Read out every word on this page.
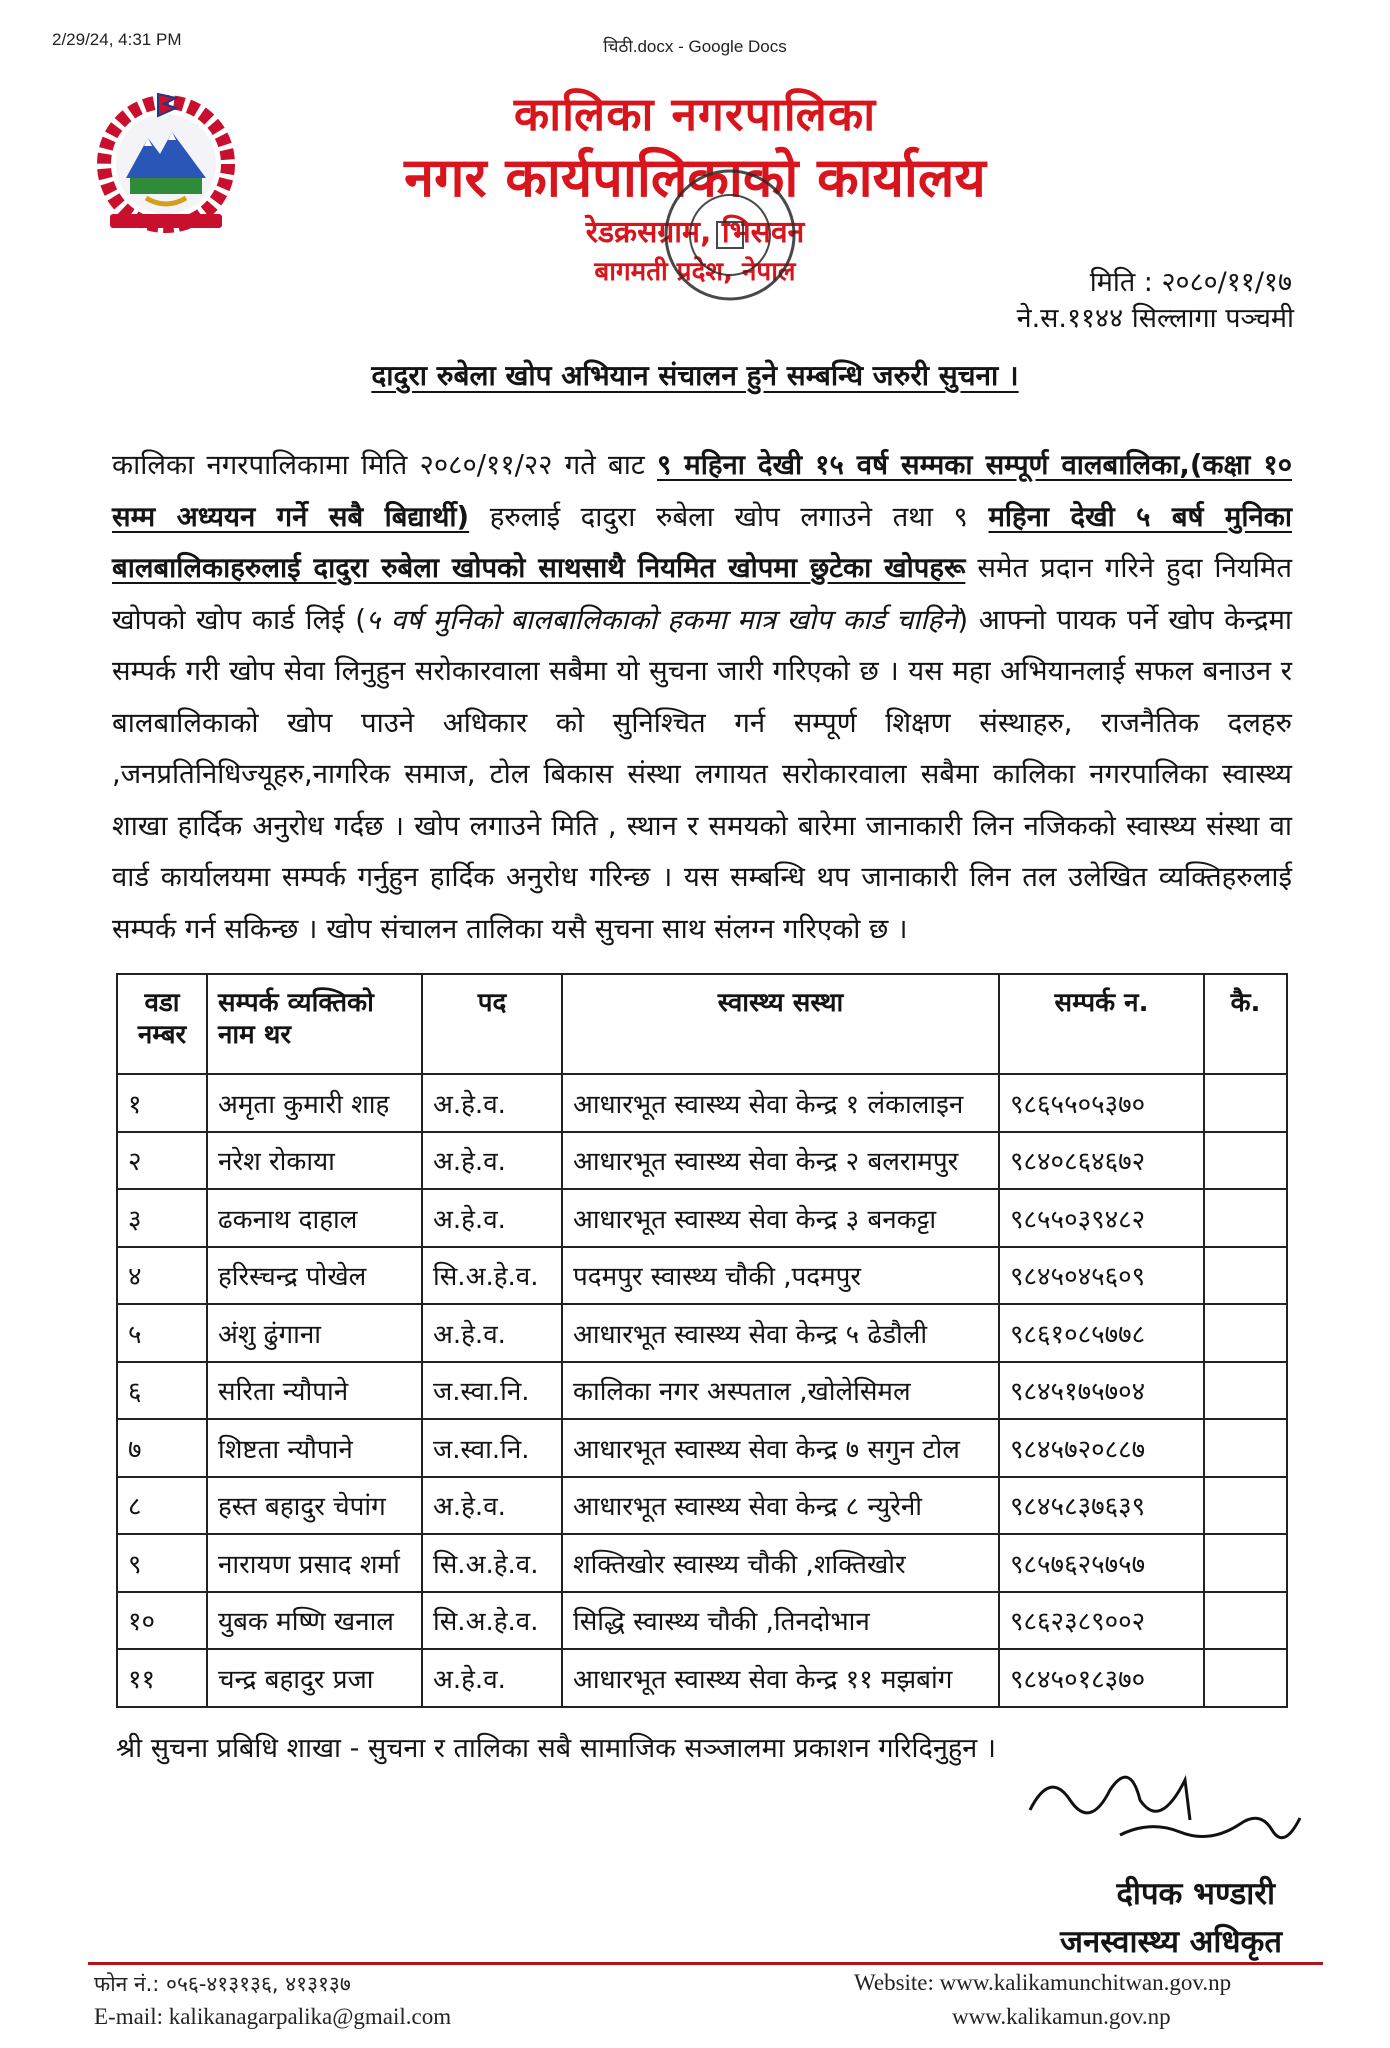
2/29/24, 4:31 PM	चिठी.docx - Google Docs
कालिका नगरपालिका
नगर कार्यपालिकाको कार्यालय
रेडक्रसग्राम, भिसवन
बागमती प्रदेश, नेपाल	मिति : २०८०/११/१७
ने.स.११४४ सिल्लागा पञ्चमी
दादुरा रुबेला खोप अभियान संचालन हुने सम्बन्धि जरुरी सुचना ।

कालिका नगरपालिकामा मिति २०८०/११/२२ गते बाट ९ महिना देखी १५ वर्ष सम्मका सम्पूर्ण वालबालिका,(कक्षा १० सम्म अध्ययन गर्ने सबै बिद्यार्थी) हरुलाई दादुरा रुबेला खोप लगाउने तथा ९ महिना देखी ५ बर्ष मुनिका बालबालिकाहरुलाई दादुरा रुबेला खोपको साथसाथै नियमित खोपमा छुटेका खोपहरू समेत प्रदान गरिने हुदा नियमित खोपको खोप कार्ड लिई (५ वर्ष मुनिको बालबालिकाको हकमा मात्र खोप कार्ड चाहिने) आफ्नो पायक पर्ने खोप केन्द्रमा सम्पर्क गरी खोप सेवा लिनुहुन सरोकारवाला सबैमा यो सुचना जारी गरिएको छ । यस महा अभियानलाई सफल बनाउन र बालबालिकाको खोप पाउने अधिकार को सुनिश्चित गर्न सम्पूर्ण शिक्षण संस्थाहरु, राजनैतिक दलहरु ,जनप्रतिनिधिज्यूहरु,नागरिक समाज, टोल बिकास संस्था लगायत सरोकारवाला सबैमा कालिका नगरपालिका स्वास्थ्य शाखा हार्दिक अनुरोध गर्दछ । खोप लगाउने मिति , स्थान र समयको बारेमा जानाकारी लिन नजिकको स्वास्थ्य संस्था वा वार्ड कार्यालयमा सम्पर्क गर्नुहुन हार्दिक अनुरोध गरिन्छ । यस सम्बन्धि थप जानाकारी लिन तल उलेखित व्यक्तिहरुलाई सम्पर्क गर्न सकिन्छ । खोप संचालन तालिका यसै सुचना साथ संलग्न गरिएको छ ।

वडा नम्बर	सम्पर्क व्यक्तिको नाम थर	पद	स्वास्थ्य सस्था	सम्पर्क न.	कै.
१	अमृता कुमारी शाह	अ.हे.व.	आधारभूत स्वास्थ्य सेवा केन्द्र १ लंकालाइन	९८६५५०५३७०	
२	नरेश रोकाया	अ.हे.व.	आधारभूत स्वास्थ्य सेवा केन्द्र २ बलरामपुर	९८४०८६४६७२	
३	ढकनाथ दाहाल	अ.हे.व.	आधारभूत स्वास्थ्य सेवा केन्द्र ३ बनकट्टा	९८५५०३९४८२	
४	हरिस्चन्द्र पोखेल	सि.अ.हे.व.	पदमपुर स्वास्थ्य चौकी ,पदमपुर	९८४५०४५६०९	
५	अंशु ढुंगाना	अ.हे.व.	आधारभूत स्वास्थ्य सेवा केन्द्र ५ ढेडौली	९८६१०८५७७८	
६	सरिता न्यौपाने	ज.स्वा.नि.	कालिका नगर अस्पताल ,खोलेसिमल	९८४५१७५७०४	
७	शिष्टता न्यौपाने	ज.स्वा.नि.	आधारभूत स्वास्थ्य सेवा केन्द्र ७ सगुन टोल	९८४५७२०८८७	
८	हस्त बहादुर चेपांग	अ.हे.व.	आधारभूत स्वास्थ्य सेवा केन्द्र ८ न्युरेनी	९८४५८३७६३९	
९	नारायण प्रसाद शर्मा	सि.अ.हे.व.	शक्तिखोर स्वास्थ्य चौकी ,शक्तिखोर	९८५७६२५७५७	
१०	युबक मष्णि खनाल	सि.अ.हे.व.	सिद्धि स्वास्थ्य चौकी ,तिनदोभान	९८६२३८९००२	
११	चन्द्र बहादुर प्रजा	अ.हे.व.	आधारभूत स्वास्थ्य सेवा केन्द्र ११ मझबांग	९८४५०१८३७०	
श्री सुचना प्रबिधि शाखा - सुचना र तालिका सबै सामाजिक सञ्जालमा प्रकाशन गरिदिनुहुन ।
दीपक भण्डारी
जनस्वास्थ्य अधिकृत
फोन नं.: ०५६-४१३१३६, ४१३१३७
E-mail: kalikanagarpalika@gmail.com
Website: www.kalikamunchitwan.gov.np
www.kalikamun.gov.np
